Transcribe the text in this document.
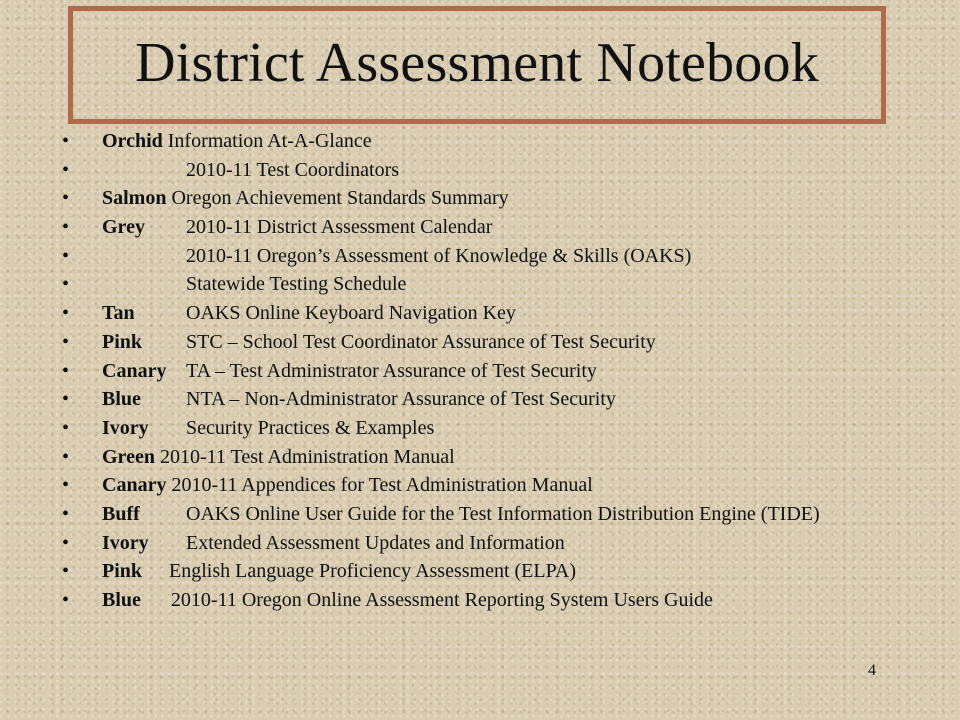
District Assessment Notebook
•	Orchid Information At-A-Glance
•	2010-11 Test Coordinators
•	Salmon Oregon Achievement Standards Summary
•	Grey	2010-11 District Assessment Calendar
•	2010-11 Oregon’s Assessment of Knowledge & Skills (OAKS)
•	Statewide Testing Schedule
•	Tan	OAKS Online Keyboard Navigation Key
•	Pink	STC – School Test Coordinator Assurance of Test Security
•	Canary TA – Test Administrator Assurance of Test Security
•	Blue	NTA – Non-Administrator Assurance of Test Security
•	Ivory	Security Practices & Examples
•	Green 2010-11 Test Administration Manual
•	Canary 2010-11 Appendices for Test Administration Manual
•	Buff	OAKS Online User Guide for the Test Information Distribution Engine (TIDE)
•	Ivory	Extended Assessment Updates and Information
•	Pink English Language Proficiency Assessment (ELPA)
•	Blue 2010-11 Oregon Online Assessment Reporting System Users Guide
4
